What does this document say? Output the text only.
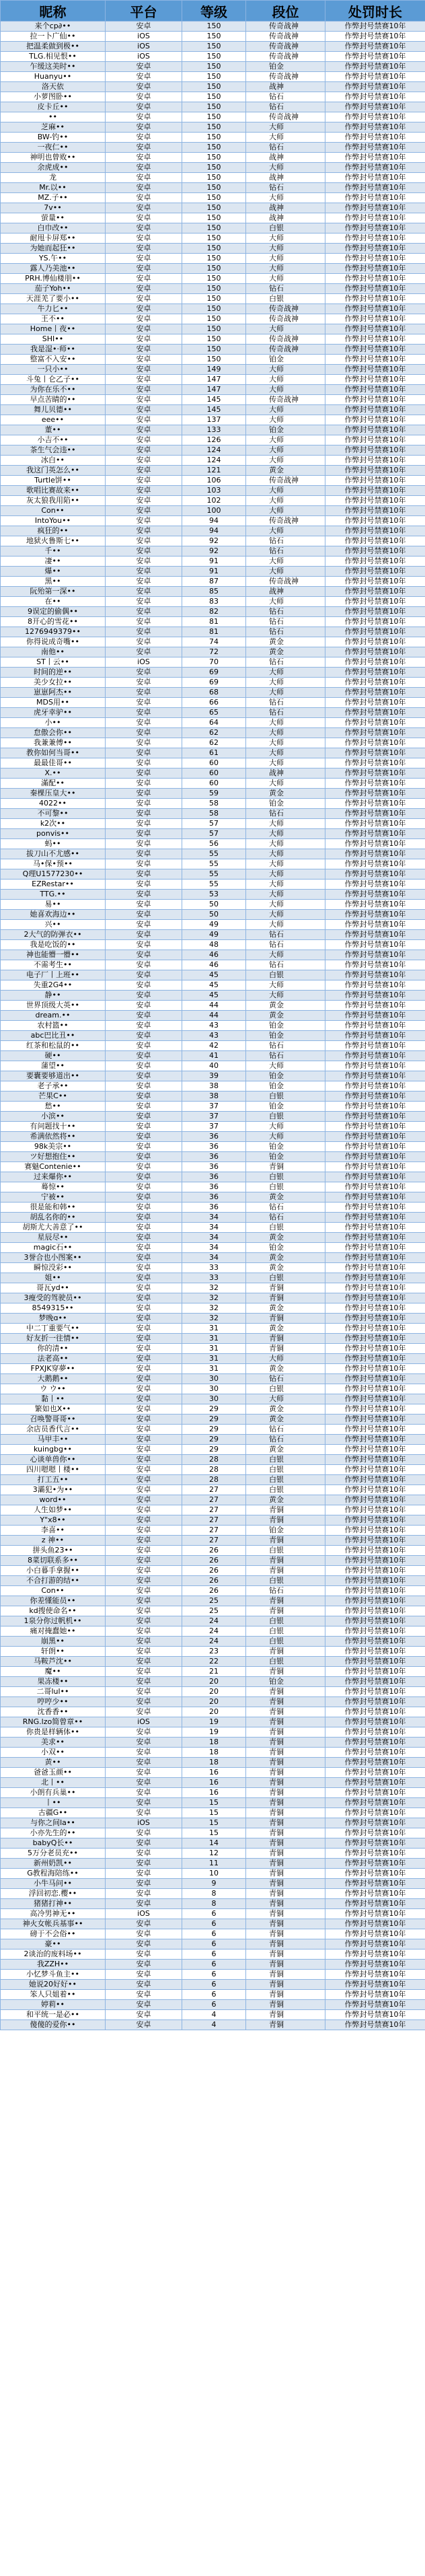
昵称	平台	等级	段位	处罚时长
来个cp∂••	安卓	150	传奇战神	作弊封号禁赛10年
拉一卜广仙••	iOS	150	传奇战神	作弊封号禁赛10年
把温柔做到极••	iOS	150	传奇战神	作弊封号禁赛10年
TLG.相见恨••	iOS	150	传奇战神	作弊封号禁赛10年
乍缓这美时••	安卓	150	铂金	作弊封号禁赛10年
Huanyu••	安卓	150	传奇战神	作弊封号禁赛10年
洛天依	安卓	150	战神	作弊封号禁赛10年
小萝图卧••	安卓	150	钻石	作弊封号禁赛10年
皮卡丘••	安卓	150	钻石	作弊封号禁赛10年
••	安卓	150	传奇战神	作弊封号禁赛10年
芝麻••	安卓	150	大师	作弊封号禁赛10年
BW-钓••	安卓	150	大师	作弊封号禁赛10年
一夜仁••	安卓	150	钻石	作弊封号禁赛10年
神明也曾败••	安卓	150	战神	作弊封号禁赛10年
余虎成••	安卓	150	大师	作弊封号禁赛10年
龙	安卓	150	战神	作弊封号禁赛10年
Mr.以••	安卓	150	钻石	作弊封号禁赛10年
MZ.子••	安卓	150	大师	作弊封号禁赛10年
7v••	安卓	150	战神	作弊封号禁赛10年
萤量••	安卓	150	战神	作弊封号禁赛10年
白巾改••	安卓	150	白银	作弊封号禁赛10年
耐甩卡屏郑••	安卓	150	大师	作弊封号禁赛10年
为她而起狂••	安卓	150	大师	作弊封号禁赛10年
YS.午••	安卓	150	大师	作弊封号禁赛10年
露人乃美池••	安卓	150	大师	作弊封号禁赛10年
PRH.博仙楼朋••	安卓	150	大师	作弊封号禁赛10年
茄子Yoh••	安卓	150	钻石	作弊封号禁赛10年
天涯羌了要小••	安卓	150	白银	作弊封号禁赛10年
牛力匕••	安卓	150	传奇战神	作弊封号禁赛10年
王不••	安卓	150	传奇战神	作弊封号禁赛10年
Home丨夜••	安卓	150	大师	作弊封号禁赛10年
SHI••	安卓	150	传奇战神	作弊封号禁赛10年
我是湿•·师••	安卓	150	传奇战神	作弊封号禁赛10年
整富不入安••	安卓	150	铂金	作弊封号禁赛10年
一只小••	安卓	149	大师	作弊封号禁赛10年
斗兔丨仑乙子••	安卓	147	大师	作弊封号禁赛10年
为你在乐不••	安卓	147	大师	作弊封号禁赛10年
早点苦睛的••	安卓	145	传奇战神	作弊封号禁赛10年
舞儿贝德••	安卓	145	大师	作弊封号禁赛10年
eee••	安卓	137	大师	作弊封号禁赛10年
董••	安卓	133	铂金	作弊封号禁赛10年
小吉不••	安卓	126	大师	作弊封号禁赛10年
茶生气会违••	安卓	124	大师	作弊封号禁赛10年
冰白••	安卓	124	大师	作弊封号禁赛10年
我这门英怎么••	安卓	121	黄金	作弊封号禁赛10年
Turtle饼••	安卓	106	传奇战神	作弊封号禁赛10年
歌唱比赛故来••	安卓	103	大师	作弊封号禁赛10年
灰太狼我用陷••	安卓	102	大师	作弊封号禁赛10年
Con••	安卓	100	大师	作弊封号禁赛10年
IntoYou••	安卓	94	传奇战神	作弊封号禁赛10年
疯狂的••	安卓	94	大师	作弊封号禁赛10年
地狱火鲁斯七••	安卓	92	钻石	作弊封号禁赛10年
千••	安卓	92	钻石	作弊封号禁赛10年
凄••	安卓	91	大师	作弊封号禁赛10年
爆••	安卓	91	大师	作弊封号禁赛10年
黑••	安卓	87	传奇战神	作弊封号禁赛10年
阮殆第一深••	安卓	85	战神	作弊封号禁赛10年
在••	安卓	83	大师	作弊封号禁赛10年
9误定的偷偶••	安卓	82	钻石	作弊封号禁赛10年
8开心的雪花••	安卓	81	钻石	作弊封号禁赛10年
1276949379••	安卓	81	钻石	作弊封号禁赛10年
你得说成奇嘴••	安卓	74	黄金	作弊封号禁赛10年
南他••	安卓	72	黄金	作弊封号禁赛10年
ST丨云••	iOS	70	钻石	作弊封号禁赛10年
时间的逆••	安卓	69	大师	作弊封号禁赛10年
美少女拉••	安卓	69	大师	作弊封号禁赛10年
崽崽阿杰••	安卓	68	大师	作弊封号禁赛10年
MDS用••	安卓	66	钻石	作弊封号禁赛10年
虎牙幸驴••	安卓	65	钻石	作弊封号禁赛10年
小••	安卓	64	大师	作弊封号禁赛10年
怠傲会你••	安卓	62	大师	作弊封号禁赛10年
我兼兼傅••	安卓	62	大师	作弊封号禁赛10年
教你如何当哥••	安卓	61	大师	作弊封号禁赛10年
最最佳哥••	安卓	60	大师	作弊封号禁赛10年
X.••	安卓	60	战神	作弊封号禁赛10年
滿配••	安卓	60	大师	作弊封号禁赛10年
秦棵压皇大••	安卓	59	黄金	作弊封号禁赛10年
4022••	安卓	58	铂金	作弊封号禁赛10年
不可黎••	安卓	58	钻石	作弊封号禁赛10年
k2次••	安卓	57	大师	作弊封号禁赛10年
ponvis••	安卓	57	大师	作弊封号禁赛10年
蚂••	安卓	56	大师	作弊封号禁赛10年
拔刀山不尤感••	安卓	55	大师	作弊封号禁赛10年
马•保•预••	安卓	55	大师	作弊封号禁赛10年
Q理U1577230••	安卓	55	大师	作弊封号禁赛10年
EZRestar••	安卓	55	大师	作弊封号禁赛10年
TTG.••	安卓	53	大师	作弊封号禁赛10年
易••	安卓	50	大师	作弊封号禁赛10年
她喜欢海边••	安卓	50	大师	作弊封号禁赛10年
兴••	安卓	49	大师	作弊封号禁赛10年
2大气的防弹衣••	安卓	49	钻石	作弊封号禁赛10年
我是吃饭的••	安卓	48	钻石	作弊封号禁赛10年
神也能懵一懵••	安卓	46	大师	作弊封号禁赛10年
不需考生••	安卓	46	钻石	作弊封号禁赛10年
电子厂丨上班••	安卓	45	白银	作弊封号禁赛10年
失重2G4••	安卓	45	大师	作弊封号禁赛10年
静••	安卓	45	大师	作弊封号禁赛10年
世界顶级大英••	安卓	44	黄金	作弊封号禁赛10年
dream.••	安卓	44	黄金	作弊封号禁赛10年
农村篮••	安卓	43	铂金	作弊封号禁赛10年
abc巴比丑••	安卓	43	铂金	作弊封号禁赛10年
红茶和松鼠的••	安卓	42	钻石	作弊封号禁赛10年
硬••	安卓	41	钻石	作弊封号禁赛10年
蒲望••	安卓	40	大师	作弊封号禁赛10年
要囊要够道出••	安卓	39	铂金	作弊封号禁赛10年
老子承••	安卓	38	铂金	作弊封号禁赛10年
芒果C••	安卓	38	白银	作弊封号禁赛10年
愁••	安卓	37	铂金	作弊封号禁赛10年
小滨••	安卓	37	白银	作弊封号禁赛10年
有问题找十••	安卓	37	大师	作弊封号禁赛10年
希满依然将••	安卓	36	大师	作弊封号禁赛10年
98k美宗••	安卓	36	铂金	作弊封号禁赛10年
ツ好想抱住••	安卓	36	铂金	作弊封号禁赛10年
赛魅Contenie••	安卓	36	青铜	作弊封号禁赛10年
过来爆你••	安卓	36	白银	作弊封号禁赛10年
蓦惊••	安卓	36	白银	作弊封号禁赛10年
宁被••	安卓	36	黄金	作弊封号禁赛10年
很是能和韩••	安卓	36	钻石	作弊封号禁赛10年
胡乱名你的••	安卓	34	钻石	作弊封号禁赛10年
胡斯尤大善意了••	安卓	34	白银	作弊封号禁赛10年
星辰尽••	安卓	34	黄金	作弊封号禁赛10年
magic石••	安卓	34	铂金	作弊封号禁赛10年
3誉合也小图案••	安卓	34	黄金	作弊封号禁赛10年
瞬惊没彩••	安卓	33	黄金	作弊封号禁赛10年
姐••	安卓	33	白银	作弊封号禁赛10年
哥瓦yd••	安卓	32	青铜	作弊封号禁赛10年
3瘦受的驾驶员••	安卓	32	青铜	作弊封号禁赛10年
8549315••	安卓	32	黄金	作弊封号禁赛10年
梦晚ɑ••	安卓	32	青铜	作弊封号禁赛10年
中二丁重要气••	安卓	31	黄金	作弊封号禁赛10年
好友折一往情••	安卓	31	青铜	作弊封号禁赛10年
你的清••	安卓	31	青铜	作弊封号禁赛10年
法老高••	安卓	31	大师	作弊封号禁赛10年
FPXJK穿夢••	安卓	31	黄金	作弊封号禁赛10年
大鹅鹅••	安卓	30	钻石	作弊封号禁赛10年
ウ ウ••	安卓	30	白银	作弊封号禁赛10年
黏丨••	安卓	30	大师	作弊封号禁赛10年
繁如也X••	安卓	29	黄金	作弊封号禁赛10年
召唤警哥哥••	安卓	29	黄金	作弊封号禁赛10年
余店员香代言••	安卓	29	钻石	作弊封号禁赛10年
马甲丰••	安卓	29	钻石	作弊封号禁赛10年
kuingbg••	安卓	29	黄金	作弊封号禁赛10年
心谈单兽你••	安卓	28	白银	作弊封号禁赛10年
四川嗯嗯丨楼••	安卓	28	白银	作弊封号禁赛10年
打工五••	安卓	28	白银	作弊封号禁赛10年
3灞犯•为••	安卓	27	白银	作弊封号禁赛10年
word••	安卓	27	黄金	作弊封号禁赛10年
人生如梦••	安卓	27	青铜	作弊封号禁赛10年
Y"x8••	安卓	27	青铜	作弊封号禁赛10年
李喜••	安卓	27	铂金	作弊封号禁赛10年
z 神••	安卓	27	青铜	作弊封号禁赛10年
拼头鱼23••	安卓	26	白银	作弊封号禁赛10年
8菜切联系多••	安卓	26	青铜	作弊封号禁赛10年
小白暮手拿握••	安卓	26	青铜	作弊封号禁赛10年
不合打游的结••	安卓	26	白银	作弊封号禁赛10年
Con••	安卓	26	钻石	作弊封号禁赛10年
你差懂能员••	安卓	25	青铜	作弊封号禁赛10年
kd搜使命名••	安卓	25	青铜	作弊封号禁赛10年
1泉分你过帆机••	安卓	24	白银	作弊封号禁赛10年
痛对掩蠢她••	安卓	24	白银	作弊封号禁赛10年
崩黑••	安卓	24	白银	作弊封号禁赛10年
轩朗••	安卓	23	青铜	作弊封号禁赛10年
马鞍芦沈••	安卓	22	白银	作弊封号禁赛10年
魔••	安卓	21	青铜	作弊封号禁赛10年
果冻楼••	安卓	20	铂金	作弊封号禁赛10年
二哥lul••	安卓	20	青铜	作弊封号禁赛10年
哼哼少••	安卓	20	青铜	作弊封号禁赛10年
沈香香••	安卓	20	青铜	作弊封号禁赛10年
RNG.lzo简曾章••	iOS	19	青铜	作弊封号禁赛10年
你贵是样辆体••	安卓	19	青铜	作弊封号禁赛10年
美求••	安卓	18	青铜	作弊封号禁赛10年
小双••	安卓	18	青铜	作弊封号禁赛10年
黄••	安卓	18	青铜	作弊封号禁赛10年
爸爸玉颜••	安卓	16	青铜	作弊封号禁赛10年
北丨••	安卓	16	青铜	作弊封号禁赛10年
小朗有兵巢••	安卓	16	青铜	作弊封号禁赛10年
丨••	安卓	15	青铜	作弊封号禁赛10年
古疆G••	安卓	15	青铜	作弊封号禁赛10年
与你之间la••	iOS	15	青铜	作弊封号禁赛10年
小亦先生的••	安卓	15	青铜	作弊封号禁赛10年
babyQ长••	安卓	14	青铜	作弊封号禁赛10年
5万分老员充••	安卓	12	青铜	作弊封号禁赛10年
新州奶凯••	安卓	11	青铜	作弊封号禁赛10年
G教程海陪练••	安卓	10	青铜	作弊封号禁赛10年
小牛马问••	安卓	9	青铜	作弊封号禁赛10年
浮回初恋.樱••	安卓	8	青铜	作弊封号禁赛10年
猪猪打神••	安卓	8	青铜	作弊封号禁赛10年
高冷男神无••	iOS	6	青铜	作弊封号禁赛10年
神火女帐兵基事••	安卓	6	青铜	作弊封号禁赛10年
磅于不会俗••	安卓	6	青铜	作弊封号禁赛10年
豪••	安卓	6	青铜	作弊封号禁赛10年
2谈治的废料场••	安卓	6	青铜	作弊封号禁赛10年
我ZZH••	安卓	6	青铜	作弊封号禁赛10年
小忆梦斗鱼主••	安卓	6	青铜	作弊封号禁赛10年
她说20好好••	安卓	6	青铜	作弊封号禁赛10年
笨人只姐着••	安卓	6	青铜	作弊封号禁赛10年
婷莉••	安卓	6	青铜	作弊封号禁赛10年
和平统一是必••	安卓	4	青铜	作弊封号禁赛10年
傻傻的爱你••	安卓	4	青铜	作弊封号禁赛10年
